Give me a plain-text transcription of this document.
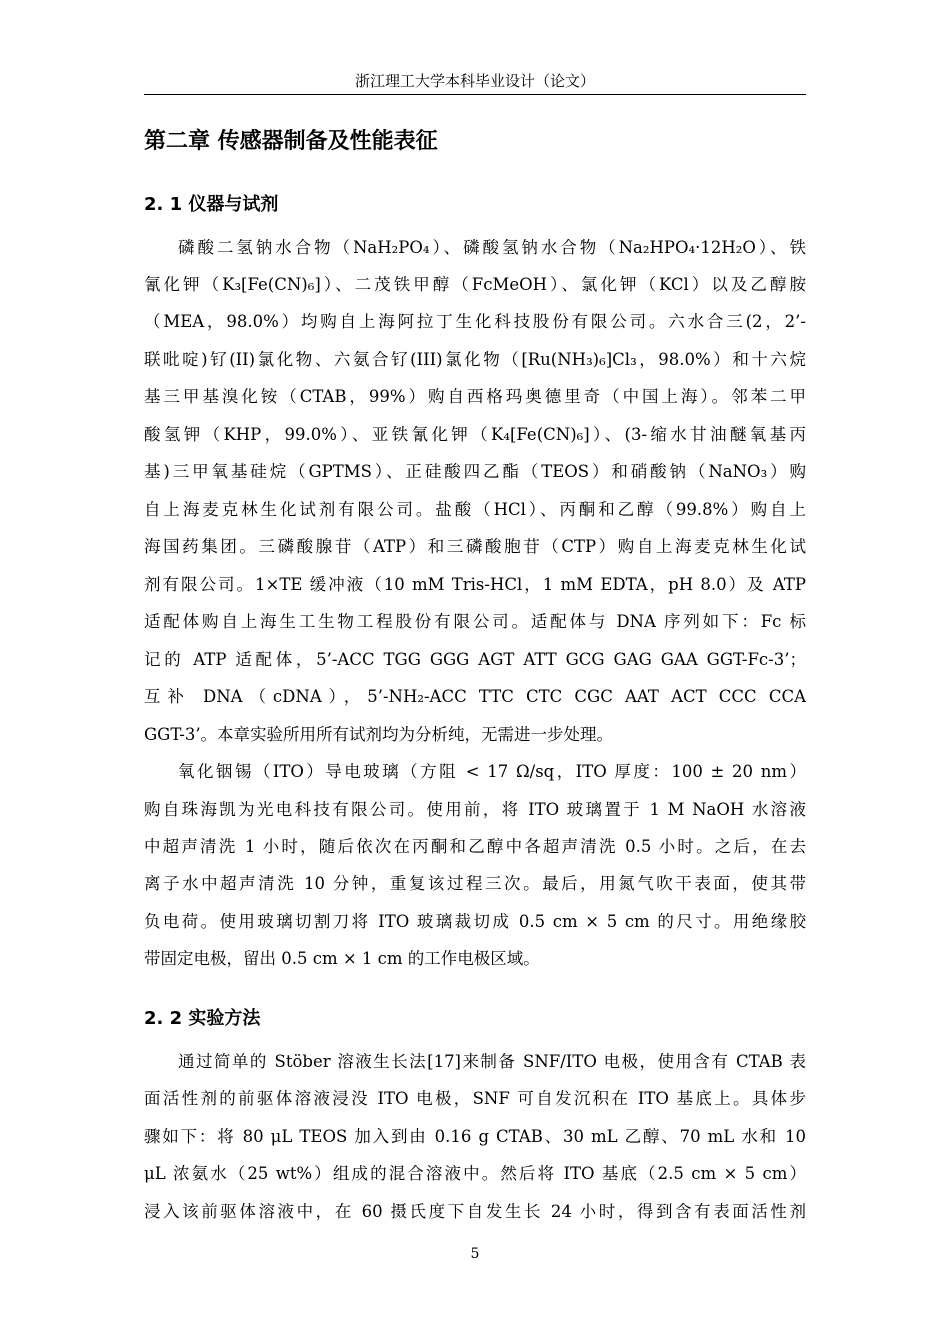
浙江理工大学本科毕业设计（论文）
第二章 传感器制备及性能表征
2. 1 仪器与试剂
磷酸二氢钠水合物（NaH₂PO₄）、磷酸氢钠水合物（Na₂HPO₄·12H₂O）、铁
氰化钾（K₃[Fe(CN)₆]）、二茂铁甲醇（FcMeOH）、氯化钾（KCl）以及乙醇胺
（MEA，98.0%）均购自上海阿拉丁生化科技股份有限公司。六水合三(2，2’-
联吡啶)钌(II)氯化物、六氨合钌(III)氯化物（[Ru(NH₃)₆]Cl₃，98.0%）和十六烷
基三甲基溴化铵（CTAB，99%）购自西格玛奥德里奇（中国上海）。邻苯二甲
酸氢钾（KHP，99.0%）、亚铁氰化钾（K₄[Fe(CN)₆]）、(3-缩水甘油醚氧基丙
基)三甲氧基硅烷（GPTMS）、正硅酸四乙酯（TEOS）和硝酸钠（NaNO₃）购
自上海麦克林生化试剂有限公司。盐酸（HCl）、丙酮和乙醇（99.8%）购自上
海国药集团。三磷酸腺苷（ATP）和三磷酸胞苷（CTP）购自上海麦克林生化试
剂有限公司。1×TE 缓冲液（10 mM Tris-HCl，1 mM EDTA，pH 8.0）及 ATP
适配体购自上海生工生物工程股份有限公司。适配体与 DNA 序列如下：Fc 标
记的 ATP 适配体，5’-ACC TGG GGG AGT ATT GCG GAG GAA GGT-Fc-3’；
互补 DNA（cDNA），5’-NH₂-ACC TTC CTC CGC AAT ACT CCC CCA
GGT-3’。本章实验所用所有试剂均为分析纯，无需进一步处理。
氧化铟锡（ITO）导电玻璃（方阻 < 17 Ω/sq，ITO 厚度：100 ± 20 nm）
购自珠海凯为光电科技有限公司。使用前，将 ITO 玻璃置于 1 M NaOH 水溶液
中超声清洗 1 小时，随后依次在丙酮和乙醇中各超声清洗 0.5 小时。之后，在去
离子水中超声清洗 10 分钟，重复该过程三次。最后，用氮气吹干表面，使其带
负电荷。使用玻璃切割刀将 ITO 玻璃裁切成 0.5 cm × 5 cm 的尺寸。用绝缘胶
带固定电极，留出 0.5 cm × 1 cm 的工作电极区域。
2. 2 实验方法
通过简单的 Stöber 溶液生长法[17]来制备 SNF/ITO 电极，使用含有 CTAB 表
面活性剂的前驱体溶液浸没 ITO 电极，SNF 可自发沉积在 ITO 基底上。具体步
骤如下：将 80 μL TEOS 加入到由 0.16 g CTAB、30 mL 乙醇、70 mL 水和 10
μL 浓氨水（25 wt%）组成的混合溶液中。然后将 ITO 基底（2.5 cm × 5 cm）
浸入该前驱体溶液中，在 60 摄氏度下自发生长 24 小时，得到含有表面活性剂
5
